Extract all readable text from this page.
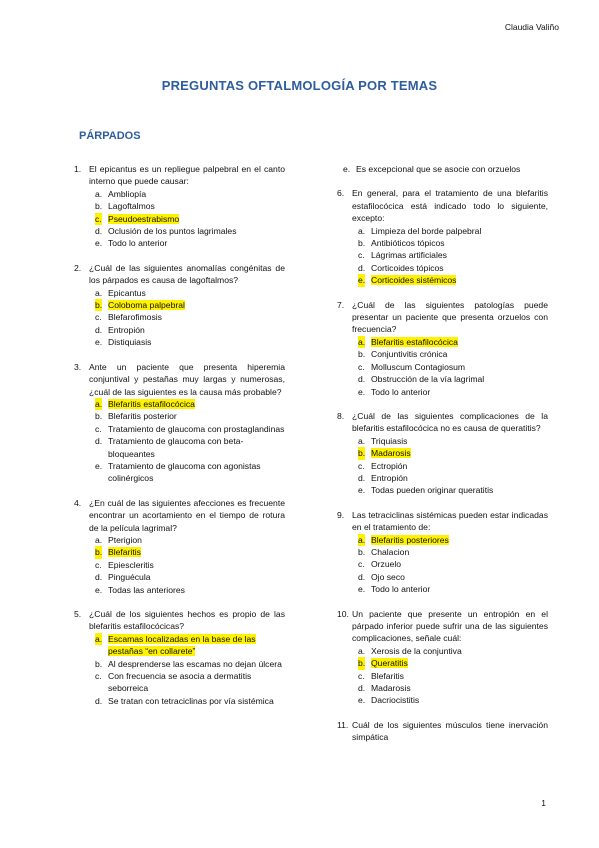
Claudia Valiño
PREGUNTAS OFTALMOLOGÍA POR TEMAS
PÁRPADOS
1. El epicantus es un repliegue palpebral en el canto interno que puede causar:
a. Ambliopía
b. Lagoftalmos
c. Pseudoestrabismo
d. Oclusión de los puntos lagrimales
e. Todo lo anterior
2. ¿Cuál de las siguientes anomalías congénitas de los párpados es causa de lagoftalmos?
a. Epicantus
b. Coloboma palpebral
c. Blefarofimosis
d. Entropión
e. Distiquiasis
3. Ante un paciente que presenta hiperemia conjuntival y pestañas muy largas y numerosas, ¿cuál de las siguientes es la causa más probable?
a. Blefaritis estafilocócica
b. Blefaritis posterior
c. Tratamiento de glaucoma con prostaglandinas
d. Tratamiento de glaucoma con beta-bloqueantes
e. Tratamiento de glaucoma con agonistas colinérgicos
4. ¿En cuál de las siguientes afecciones es frecuente encontrar un acortamiento en el tiempo de rotura de la película lagrimal?
a. Pterigion
b. Blefaritis
c. Epiescleritis
d. Pinguécula
e. Todas las anteriores
5. ¿Cuál de los siguientes hechos es propio de las blefaritis estafilocócicas?
a. Escamas localizadas en la base de las pestañas “en collarete”
b. Al desprenderse las escamas no dejan úlcera
c. Con frecuencia se asocia a dermatitis seborreica
d. Se tratan con tetraciclinas por vía sistémica
e. Es excepcional que se asocie con orzuelos
6. En general, para el tratamiento de una blefaritis estafilocócica está indicado todo lo siguiente, excepto:
a. Limpieza del borde palpebral
b. Antibióticos tópicos
c. Lágrimas artificiales
d. Corticoides tópicos
e. Corticoides sistémicos
7. ¿Cuál de las siguientes patologías puede presentar un paciente que presenta orzuelos con frecuencia?
a. Blefaritis estafilocócica
b. Conjuntivitis crónica
c. Molluscum Contagiosum
d. Obstrucción de la vía lagrimal
e. Todo lo anterior
8. ¿Cuál de las siguientes complicaciones de la blefaritis estafilocócica no es causa de queratitis?
a. Triquiasis
b. Madarosis
c. Ectropión
d. Entropión
e. Todas pueden originar queratitis
9. Las tetraciclinas sistémicas pueden estar indicadas en el tratamiento de:
a. Blefaritis posteriores
b. Chalacion
c. Orzuelo
d. Ojo seco
e. Todo lo anterior
10. Un paciente que presente un entropión en el párpado inferior puede sufrir una de las siguientes complicaciones, señale cuál:
a. Xerosis de la conjuntiva
b. Queratitis
c. Blefaritis
d. Madarosis
e. Dacriocistitis
11. Cuál de los siguientes músculos tiene inervación simpática
1
